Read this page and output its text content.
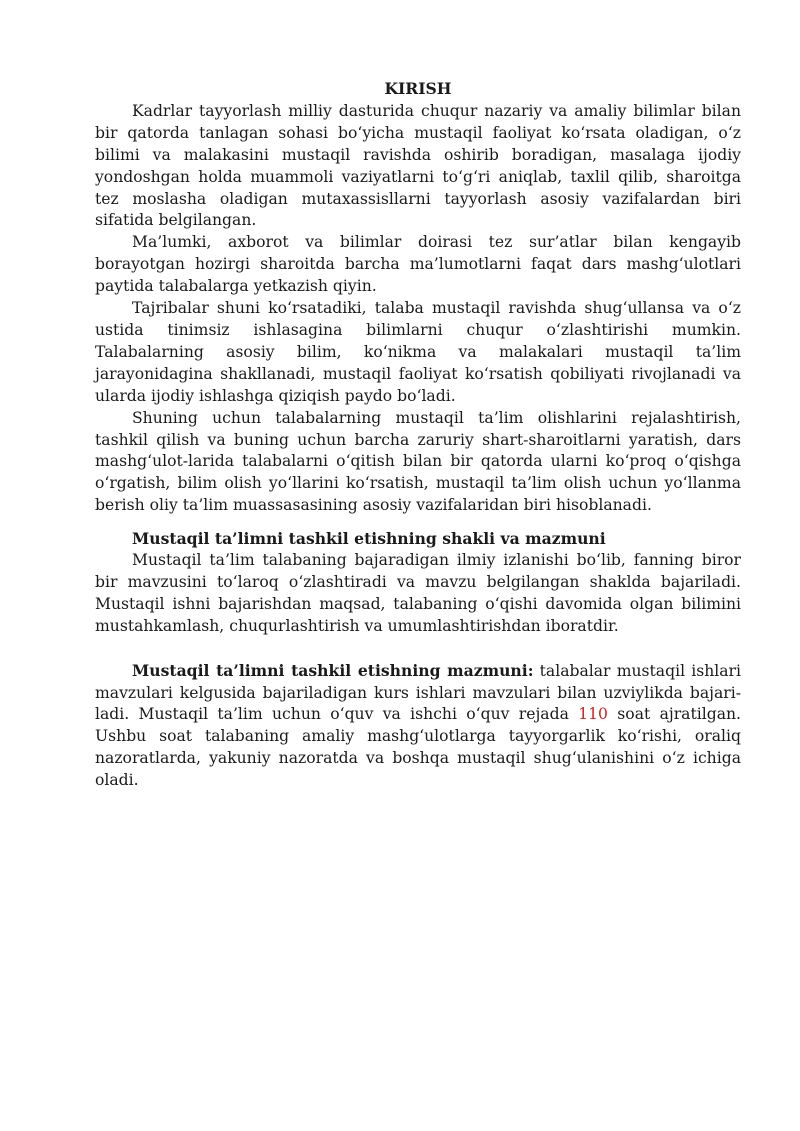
KIRISH

Kadrlar tayyorlash milliy dasturida chuqur nazariy va amaliy bilimlar bilan bir qatorda tanlagan sohasi bo‘yicha mustaqil faoliyat ko‘rsata oladigan, o‘z bilimi va malakasini mustaqil ravishda oshirib boradigan, masalaga ijodiy yondoshgan holda muammoli vaziyatlarni to‘g‘ri aniqlab, taxlil qilib, sharoitga tez moslasha oladigan mutaxassisllarni tayyorlash asosiy vazifalardan biri sifatida belgilangan.

Ma’lumki, axborot va bilimlar doirasi tez sur’atlar bilan kengayib borayotgan hozirgi sharoitda barcha ma’lumotlarni faqat dars mashg‘ulotlari paytida talabalarga yetkazish qiyin.

Tajribalar shuni ko‘rsatadiki, talaba mustaqil ravishda shug‘ullansa va o‘z ustida tinimsiz ishlasagina bilimlarni chuqur o‘zlashtirishi mumkin. Talabalarning asosiy bilim, ko‘nikma va malakalari mustaqil ta’lim jarayonidagina shakllanadi, mustaqil faoliyat ko‘rsatish qobiliyati rivojlanadi va ularda ijodiy ishlashga qiziqish paydo bo‘ladi.

Shuning uchun talabalarning mustaqil ta’lim olishlarini rejalashtirish, tashkil qilish va buning uchun barcha zaruriy shart-sharoitlarni yaratish, dars mashg‘ulot-larida talabalarni o‘qitish bilan bir qatorda ularni ko‘proq o‘qishga o‘rgatish, bilim olish yo‘llarini ko‘rsatish, mustaqil ta’lim olish uchun yo‘llanma berish oliy ta’lim muassasasining asosiy vazifalaridan biri hisoblanadi.

Mustaqil ta’limni tashkil etishning shakli va mazmuni

Mustaqil ta’lim talabaning bajaradigan ilmiy izlanishi bo‘lib, fanning biror bir mavzusini to‘laroq o‘zlashtiradi va mavzu belgilangan shaklda bajariladi. Mustaqil ishni bajarishdan maqsad, talabaning o‘qishi davomida olgan bilimini mustahkamlash, chuqurlashtirish va umumlashtirishdan iboratdir.

Mustaqil ta’limni tashkil etishning mazmuni: talabalar mustaqil ishlari mavzulari kelgusida bajariladigan kurs ishlari mavzulari bilan uzviylikda bajari- ladi. Mustaqil ta’lim uchun o‘quv va ishchi o‘quv rejada 110 soat ajratilgan. Ushbu soat talabaning amaliy mashg‘ulotlarga tayyorgarlik ko‘rishi, oraliq nazoratlarda, yakuniy nazoratda va boshqa mustaqil shug‘ulanishini o‘z ichiga oladi.
